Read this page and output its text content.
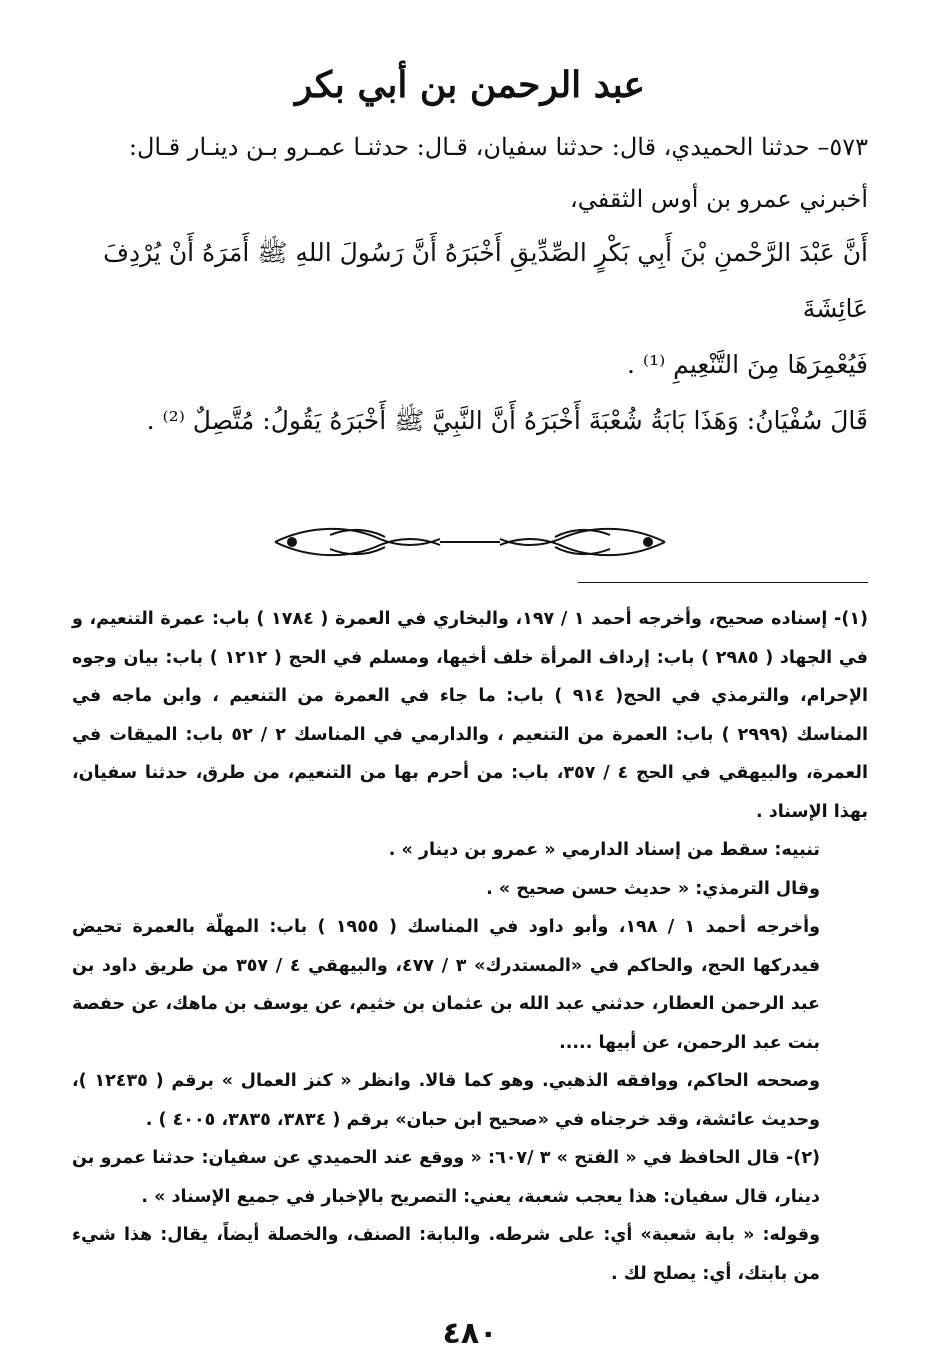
عبد الرحمن بن أبي بكر

٥٧٣– حدثنا الحميدي، قال: حدثنا سفيان، قـال: حدثنـا عمـرو بـن دينـار قـال:

أخبرني عمرو بن أوس الثقفي،

أَنَّ عَبْدَ الرَّحْمنِ بْنَ أَبِي بَكْرٍ الصِّدِّيقِ أَخْبَرَهُ أَنَّ رَسُولَ اللهِ ﷺ أَمَرَهُ أَنْ يُرْدِفَ عَائِشَةَ

فَيُعْمِرَهَا مِنَ التَّنْعِيمِ ⁽¹⁾ .

قَالَ سُفْيَانُ: وَهَذَا بَابَةُ شُعْبَةَ أَخْبَرَهُ أَنَّ النَّبِيَّ ﷺ أَخْبَرَهُ يَقُولُ: مُتَّصِلٌ ⁽²⁾ .

(١)- إسناده صحيح، وأخرجه أحمد ١ / ١٩٧، والبخاري في العمرة ( ١٧٨٤ ) باب: عمرة التنعيم، و في الجهاد ( ٢٩٨٥ ) باب: إرداف المرأة خلف أخيها، ومسلم في الحج ( ١٢١٢ ) باب: بيان وجوه الإحرام، والترمذي في الحج( ٩١٤ ) باب: ما جاء في العمرة من التنعيم ، وابن ماجه في المناسك (٢٩٩٩ ) باب: العمرة من التنعيم ، والدارمي في المناسك ٢ / ٥٢ باب: الميقات في العمرة، والبيهقي في الحج ٤ / ٣٥٧، باب: من أحرم بها من التنعيم، من طرق، حدثنا سفيان، بهذا الإسناد .

تنبيه: سقط من إسناد الدارمي « عمرو بن دينار » .

وقال الترمذي: « حديث حسن صحيح » .

وأخرجه أحمد ١ / ١٩٨، وأبو داود في المناسك ( ١٩٥٥ ) باب: المهلّة بالعمرة تحيض فيدركها الحج، والحاكم في «المستدرك» ٣ / ٤٧٧، والبيهقي ٤ / ٣٥٧ من طريق داود بن عبد الرحمن العطار، حدثني عبد الله بن عثمان بن خثيم، عن يوسف بن ماهك، عن حفصة بنت عبد الرحمن، عن أبيها .....

وصححه الحاكم، ووافقه الذهبي. وهو كما قالا. وانظر « كنز العمال » برقم ( ١٢٤٣٥ )، وحديث عائشة، وقد خرجناه في «صحيح ابن حبان» برقم ( ٣٨٣٤، ٣٨٣٥، ٤٠٠٥ ) .

(٢)- قال الحافظ في « الفتح » ٣ /٦٠٧: « ووقع عند الحميدي عن سفيان: حدثنا عمرو بن دينار، قال سفيان: هذا يعجب شعبة، يعني: التصريح بالإخبار في جميع الإسناد » .

وقوله: « بابة شعبة» أي: على شرطه. والبابة: الصنف، والخصلة أيضاً، يقال: هذا شيء من بابتك، أي: يصلح لك .

٤٨٠
